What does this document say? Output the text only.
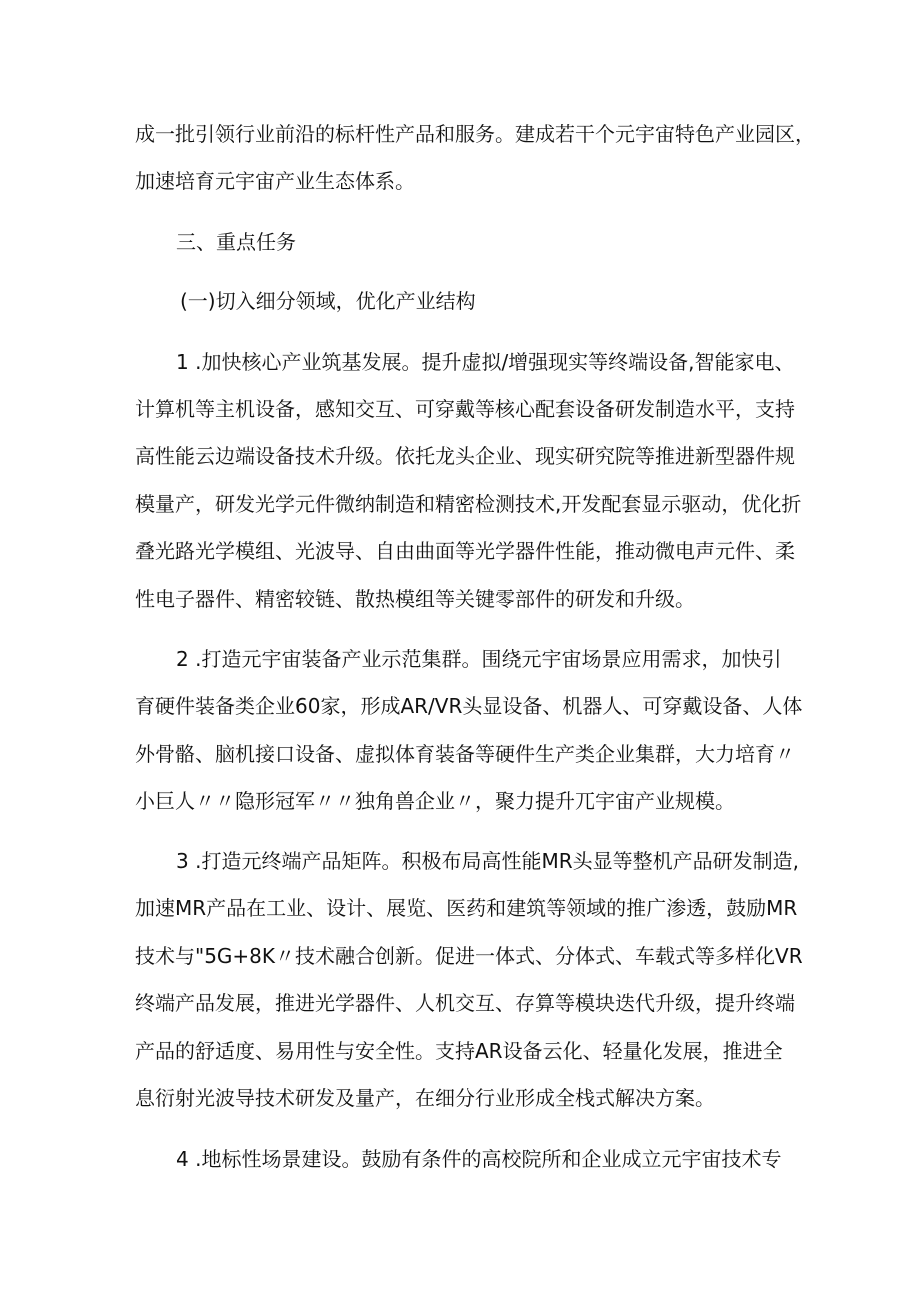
成一批引领行业前沿的标杆性产品和服务。建成若干个元宇宙特色产业园区，
加速培育元宇宙产业生态体系。
三、重点任务
(一)切入细分领域，优化产业结构
1 .加快核心产业筑基发展。提升虚拟/增强现实等终端设备,智能家电、
计算机等主机设备，感知交互、可穿戴等核心配套设备研发制造水平，支持
高性能云边端设备技术升级。依托龙头企业、现实研究院等推进新型器件规
模量产，研发光学元件微纳制造和精密检测技术,开发配套显示驱动，优化折
叠光路光学模组、光波导、自由曲面等光学器件性能，推动微电声元件、柔
性电子器件、精密较链、散热模组等关键零部件的研发和升级。
2 .打造元宇宙装备产业示范集群。围绕元宇宙场景应用需求，加快引
育硬件装备类企业60家，形成AR/VR头显设备、机器人、可穿戴设备、人体
外骨骼、脑机接口设备、虚拟体育装备等硬件生产类企业集群，大力培育〃
小巨人〃〃隐形冠军〃〃独角兽企业〃，聚力提升兀宇宙产业规模。
3 .打造元终端产品矩阵。积极布局高性能MR头显等整机产品研发制造,
加速MR产品在工业、设计、展览、医药和建筑等领域的推广渗透，鼓励MR
技术与"5G+8K〃技术融合创新。促进一体式、分体式、车载式等多样化VR
终端产品发展，推进光学器件、人机交互、存算等模块迭代升级，提升终端
产品的舒适度、易用性与安全性。支持AR设备云化、轻量化发展，推进全
息衍射光波导技术研发及量产，在细分行业形成全栈式解决方案。
4 .地标性场景建设。鼓励有条件的高校院所和企业成立元宇宙技术专
